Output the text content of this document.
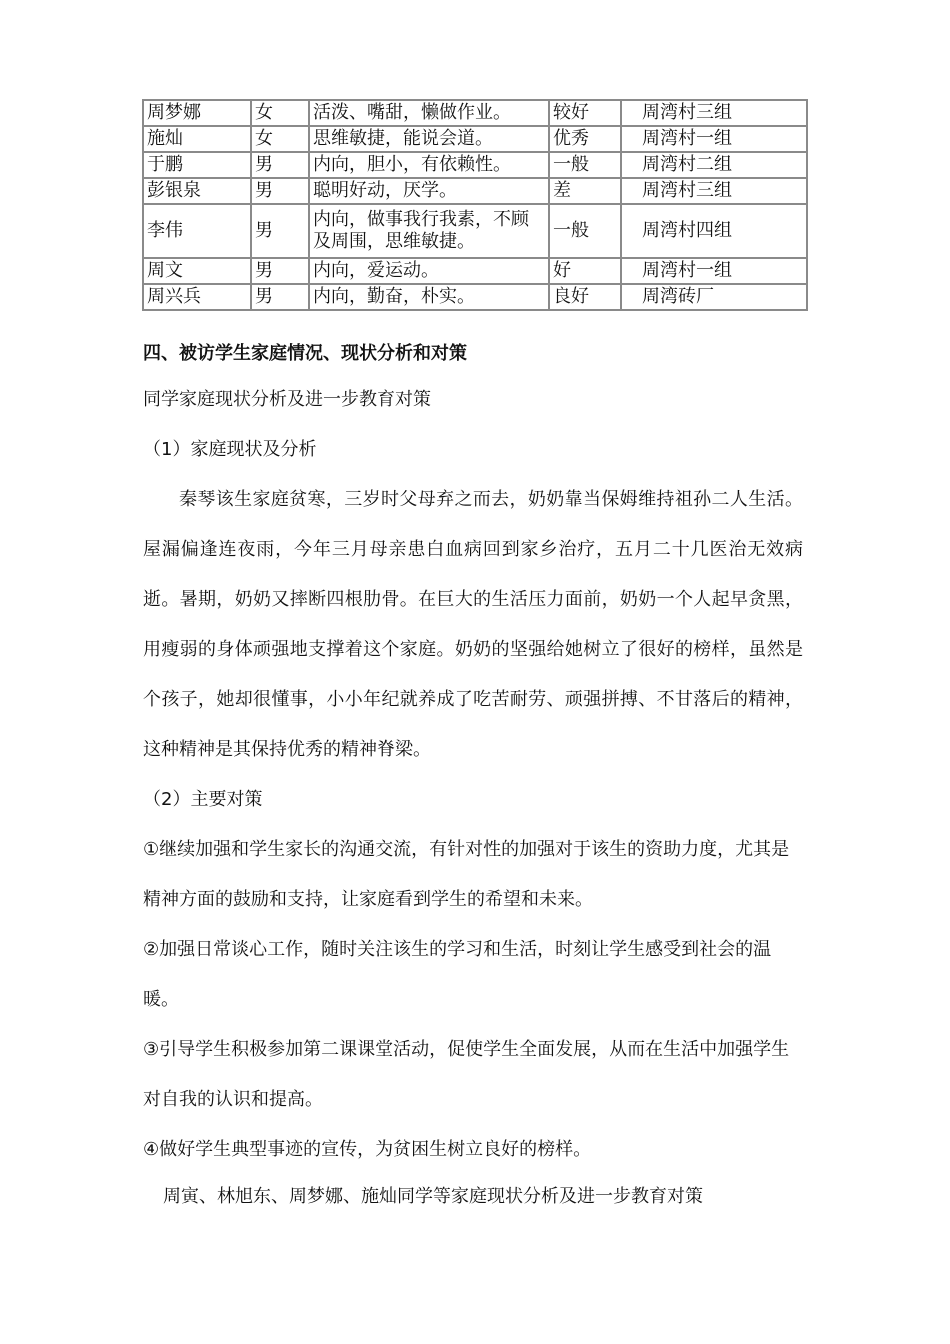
周梦娜	女	活泼、嘴甜，懒做作业。	较好	周湾村三组
施灿	女	思维敏捷，能说会道。	优秀	周湾村一组
于鹏	男	内向，胆小，有依赖性。	一般	周湾村二组
彭银泉	男	聪明好动，厌学。	差	周湾村三组
李伟	男	内向，做事我行我素，不顾及周围，思维敏捷。	一般	周湾村四组
周文	男	内向，爱运动。	好	周湾村一组
周兴兵	男	内向，勤奋，朴实。	良好	周湾砖厂
四、被访学生家庭情况、现状分析和对策

同学家庭现状分析及进一步教育对策

（1）家庭现状及分析

秦琴该生家庭贫寒，三岁时父母弃之而去，奶奶靠当保姆维持祖孙二人生活。屋漏偏逢连夜雨，今年三月母亲患白血病回到家乡治疗，五月二十几医治无效病逝。暑期，奶奶又摔断四根肋骨。在巨大的生活压力面前，奶奶一个人起早贪黑，用瘦弱的身体顽强地支撑着这个家庭。奶奶的坚强给她树立了很好的榜样，虽然是个孩子，她却很懂事，小小年纪就养成了吃苦耐劳、顽强拼搏、不甘落后的精神，这种精神是其保持优秀的精神脊梁。

（2）主要对策

①继续加强和学生家长的沟通交流，有针对性的加强对于该生的资助力度，尤其是精神方面的鼓励和支持，让家庭看到学生的希望和未来。

②加强日常谈心工作，随时关注该生的学习和生活，时刻让学生感受到社会的温暖。

③引导学生积极参加第二课课堂活动，促使学生全面发展，从而在生活中加强学生对自我的认识和提高。

④做好学生典型事迹的宣传，为贫困生树立良好的榜样。

周寅、林旭东、周梦娜、施灿同学等家庭现状分析及进一步教育对策
